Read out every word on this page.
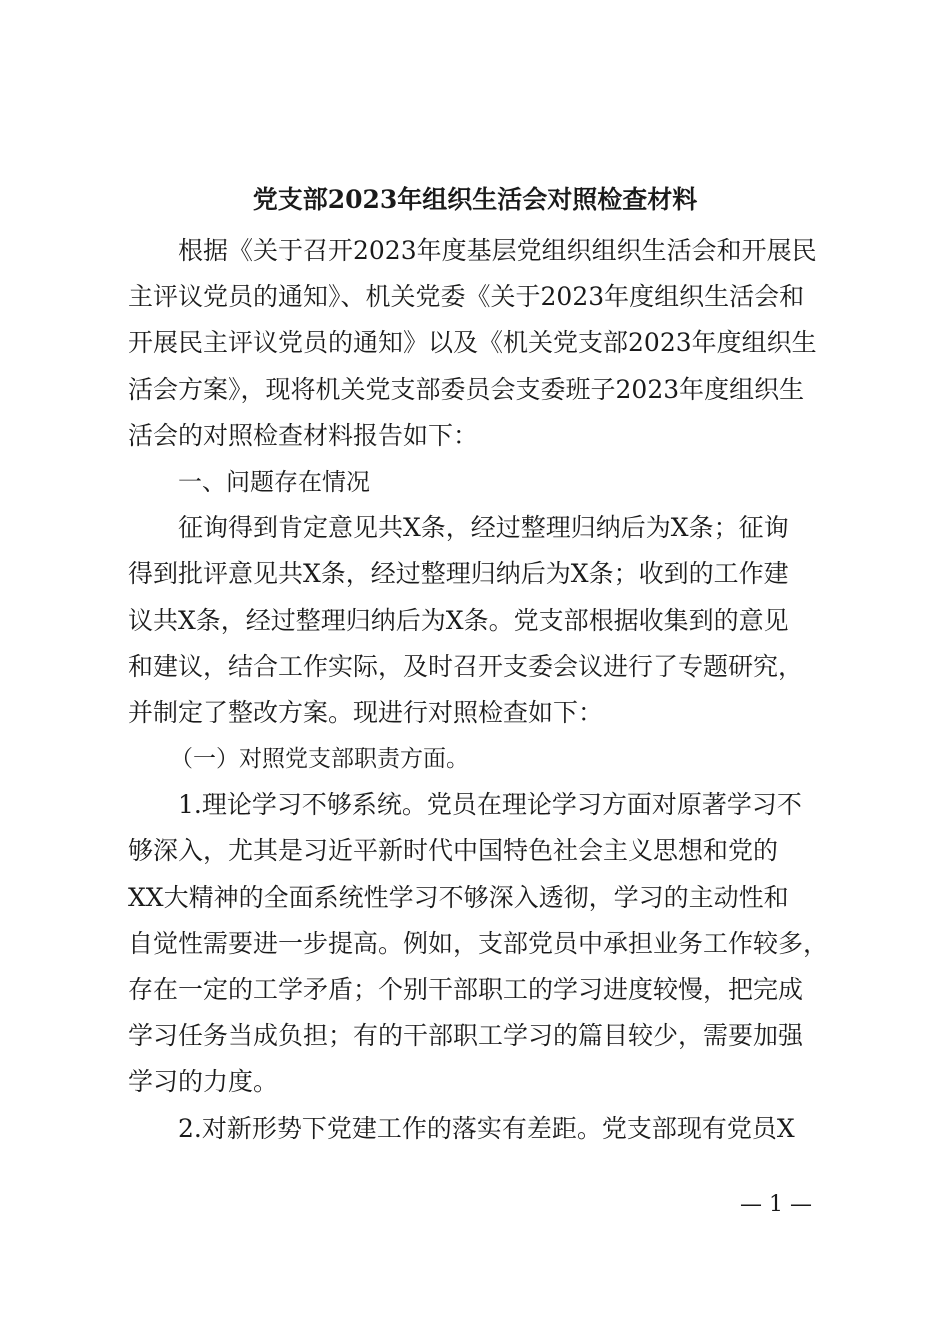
党支部2023年组织生活会对照检查材料
根据《关于召开2023年度基层党组织组织生活会和开展民
主评议党员的通知》、机关党委《关于2023年度组织生活会和
开展民主评议党员的通知》以及《机关党支部2023年度组织生
活会方案》，现将机关党支部委员会支委班子2023年度组织生
活会的对照检查材料报告如下：
一、问题存在情况
征询得到肯定意见共X条，经过整理归纳后为X条；征询
得到批评意见共X条，经过整理归纳后为X条；收到的工作建
议共X条，经过整理归纳后为X条。党支部根据收集到的意见
和建议，结合工作实际，及时召开支委会议进行了专题研究，
并制定了整改方案。现进行对照检查如下：
（一）对照党支部职责方面。
1.理论学习不够系统。党员在理论学习方面对原著学习不
够深入，尤其是习近平新时代中国特色社会主义思想和党的
XX大精神的全面系统性学习不够深入透彻，学习的主动性和
自觉性需要进一步提高。例如，支部党员中承担业务工作较多，
存在一定的工学矛盾；个别干部职工的学习进度较慢，把完成
学习任务当成负担；有的干部职工学习的篇目较少，需要加强
学习的力度。
2.对新形势下党建工作的落实有差距。党支部现有党员X
— 1 —
